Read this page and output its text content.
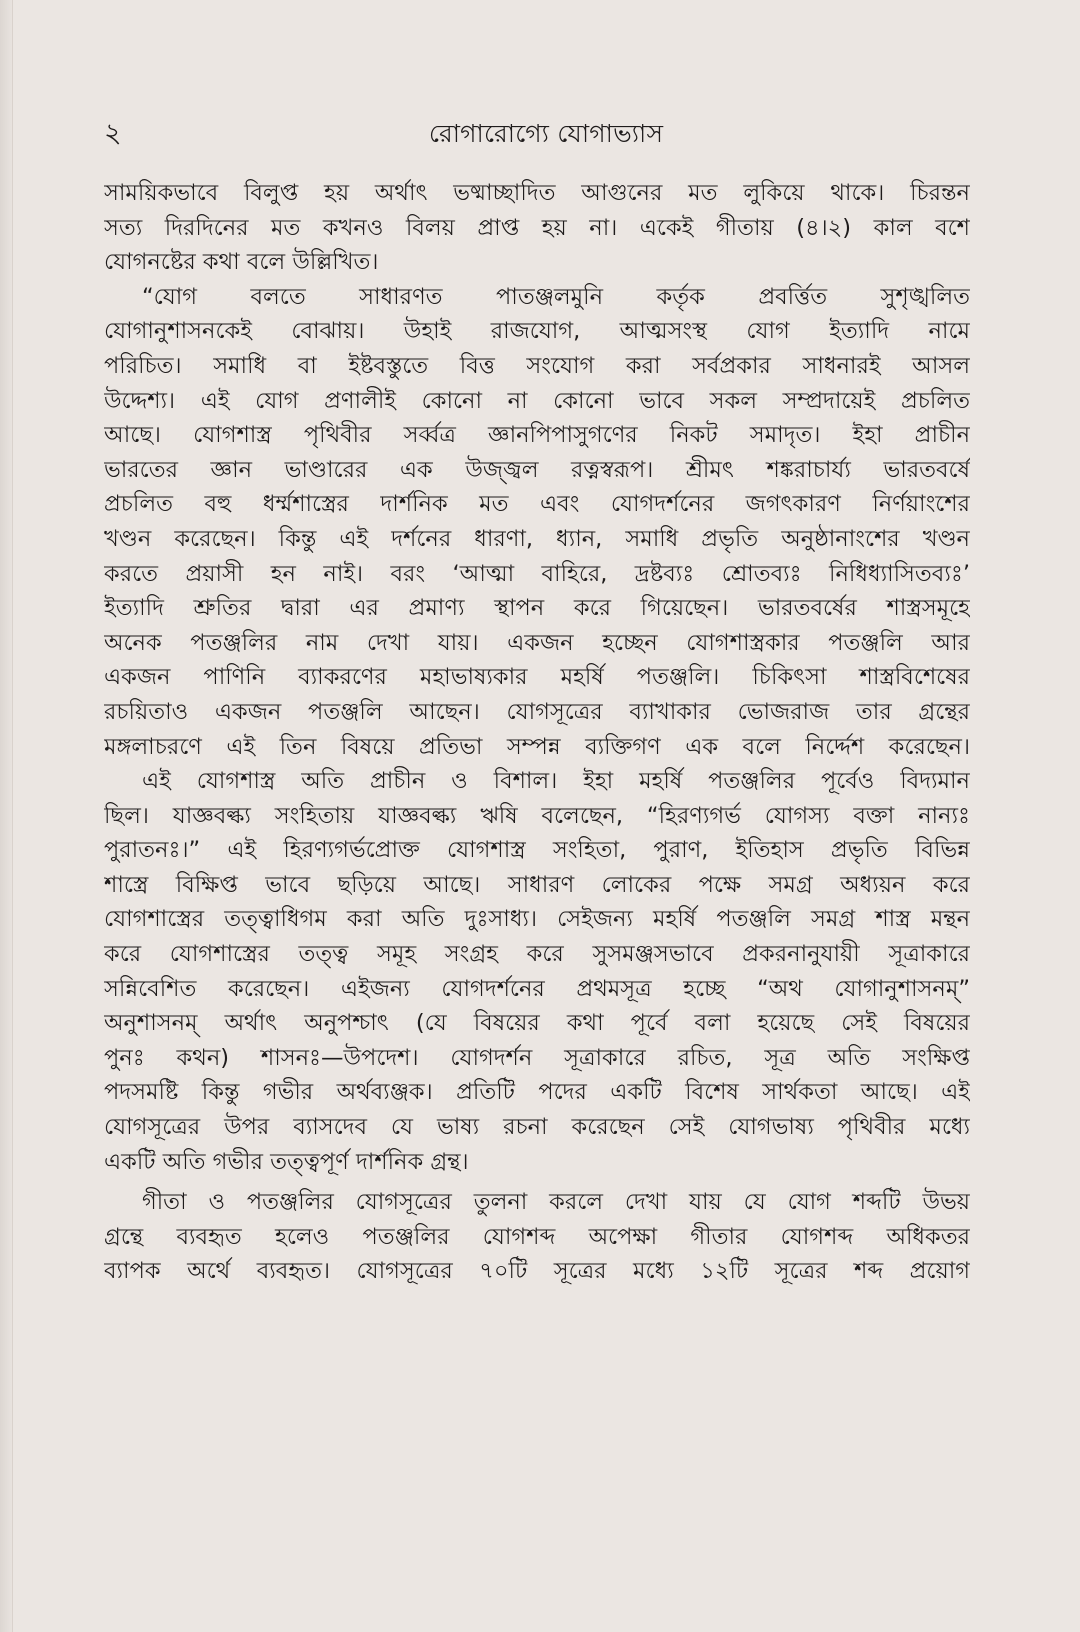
২	রোগারোগ্যে যোগাভ্যাস
সাময়িকভাবে বিলুপ্ত হয় অর্থাৎ ভষ্মাচ্ছাদিত আগুনের মত লুকিয়ে থাকে। চিরন্তন
সত্য দিরদিনের মত কখনও বিলয় প্রাপ্ত হয় না। একেই গীতায় (৪।২) কাল বশে
যোগনষ্টের কথা বলে উল্লিখিত।
“যোগ বলতে সাধারণত পাতঞ্জলমুনি কর্তৃক প্রবর্ত্তিত সুশৃঙ্খলিত
যোগানুশাসনকেই বোঝায়। উহাই রাজযোগ, আত্মসংস্থ যোগ ইত্যাদি নামে
পরিচিত। সমাধি বা ইষ্টবস্তুতে বিত্ত সংযোগ করা সর্বপ্রকার সাধনারই আসল
উদ্দেশ্য। এই যোগ প্রণালীই কোনো না কোনো ভাবে সকল সম্প্রদায়েই প্রচলিত
আছে। যোগশাস্ত্র পৃথিবীর সর্ব্বত্র জ্ঞানপিপাসুগণের নিকট সমাদৃত। ইহা প্রাচীন
ভারতের জ্ঞান ভাণ্ডারের এক উজ্জ্বল রত্নস্বরূপ। শ্রীমৎ শঙ্করাচার্য্য ভারতবর্ষে
প্রচলিত বহু ধর্ম্মশাস্ত্রের দার্শনিক মত এবং যোগদর্শনের জগৎকারণ নির্ণয়াংশের
খণ্ডন করেছেন। কিন্তু এই দর্শনের ধারণা, ধ্যান, সমাধি প্রভৃতি অনুষ্ঠানাংশের খণ্ডন
করতে প্রয়াসী হন নাই। বরং ‘আত্মা বাহিরে, দ্রষ্টব্যঃ শ্রোতব্যঃ নিধিধ্যাসিতব্যঃ’
ইত্যাদি শ্রুতির দ্বারা এর প্রমাণ্য স্থাপন করে গিয়েছেন। ভারতবর্ষের শাস্ত্রসমূহে
অনেক পতঞ্জলির নাম দেখা যায়। একজন হচ্ছেন যোগশাস্ত্রকার পতঞ্জলি আর
একজন পাণিনি ব্যাকরণের মহাভাষ্যকার মহর্ষি পতঞ্জলি। চিকিৎসা শাস্ত্রবিশেষের
রচয়িতাও একজন পতঞ্জলি আছেন। যোগসূত্রের ব্যাখাকার ভোজরাজ তার গ্রন্থের
মঙ্গলাচরণে এই তিন বিষয়ে প্রতিভা সম্পন্ন ব্যক্তিগণ এক বলে নির্দ্দেশ করেছেন।
এই যোগশাস্ত্র অতি প্রাচীন ও বিশাল। ইহা মহর্ষি পতঞ্জলির পূর্বেও বিদ্যমান
ছিল। যাজ্ঞবল্ক্য সংহিতায় যাজ্ঞবল্ক্য ঋষি বলেছেন, “হিরণ্যগর্ভ যোগস্য বক্তা নান্যঃ
পুরাতনঃ।” এই হিরণ্যগর্ভপ্রোক্ত যোগশাস্ত্র সংহিতা, পুরাণ, ইতিহাস প্রভৃতি বিভিন্ন
শাস্ত্রে বিক্ষিপ্ত ভাবে ছড়িয়ে আছে। সাধারণ লোকের পক্ষে সমগ্র অধ্যয়ন করে
যোগশাস্ত্রের তত্ত্বাধিগম করা অতি দুঃসাধ্য। সেইজন্য মহর্ষি পতঞ্জলি সমগ্র শাস্ত্র মন্থন
করে যোগশাস্ত্রের তত্ত্ব সমূহ সংগ্রহ করে সুসমঞ্জসভাবে প্রকরনানুযায়ী সূত্রাকারে
সন্নিবেশিত করেছেন। এইজন্য যোগদর্শনের প্রথমসূত্র হচ্ছে “অথ যোগানুশাসনম্”
অনুশাসনম্ অর্থাৎ অনুপশ্চাৎ (যে বিষয়ের কথা পূর্বে বলা হয়েছে সেই বিষয়ের
পুনঃ কথন) শাসনঃ—উপদেশ। যোগদর্শন সূত্রাকারে রচিত, সূত্র অতি সংক্ষিপ্ত
পদসমষ্টি কিন্তু গভীর অর্থব্যঞ্জক। প্রতিটি পদের একটি বিশেষ সার্থকতা আছে। এই
যোগসূত্রের উপর ব্যাসদেব যে ভাষ্য রচনা করেছেন সেই যোগভাষ্য পৃথিবীর মধ্যে
একটি অতি গভীর তত্ত্বপূর্ণ দার্শনিক গ্রন্থ।
গীতা ও পতঞ্জলির যোগসূত্রের তুলনা করলে দেখা যায় যে যোগ শব্দটি উভয়
গ্রন্থে ব্যবহৃত হলেও পতঞ্জলির যোগশব্দ অপেক্ষা গীতার যোগশব্দ অধিকতর
ব্যাপক অর্থে ব্যবহৃত। যোগসূত্রের ৭০টি সূত্রের মধ্যে ১২টি সূত্রের শব্দ প্রয়োগ
